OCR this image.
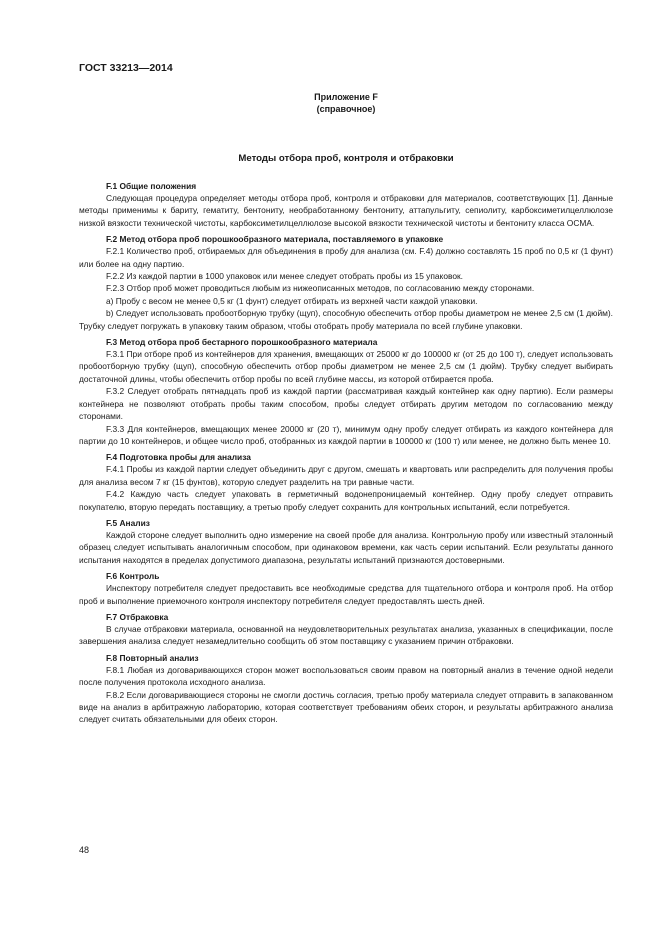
ГОСТ 33213—2014
Приложение F
(справочное)
Методы отбора проб, контроля и отбраковки

F.1 Общие положения

Следующая процедура определяет методы отбора проб, контроля и отбраковки для материалов, соответствующих [1]. Данные методы применимы к бариту, гематиту, бентониту, необработанному бентониту, аттапульгиту, сепиолиту, карбоксиметилцеллюлозе низкой вязкости технической чистоты, карбоксиметилцеллюлозе высокой вязкости технической чистоты и бентониту класса OCMA.

F.2 Метод отбора проб порошкообразного материала, поставляемого в упаковке

F.2.1 Количество проб, отбираемых для объединения в пробу для анализа (см. F.4) должно составлять 15 проб по 0,5 кг (1 фунт) или более на одну партию.

F.2.2 Из каждой партии в 1000 упаковок или менее следует отобрать пробы из 15 упаковок.

F.2.3 Отбор проб может проводиться любым из нижеописанных методов, по согласованию между сторонами.

a) Пробу с весом не менее 0,5 кг (1 фунт) следует отбирать из верхней части каждой упаковки.

b) Следует использовать пробоотборную трубку (щуп), способную обеспечить отбор пробы диаметром не менее 2,5 см (1 дюйм). Трубку следует погружать в упаковку таким образом, чтобы отобрать пробу материала по всей глубине упаковки.

F.3 Метод отбора проб бестарного порошкообразного материала

F.3.1 При отборе проб из контейнеров для хранения, вмещающих от 25000 кг до 100000 кг (от 25 до 100 т), следует использовать пробоотборную трубку (щуп), способную обеспечить отбор пробы диаметром не менее 2,5 см (1 дюйм). Трубку следует выбирать достаточной длины, чтобы обеспечить отбор пробы по всей глубине массы, из которой отбирается проба.

F.3.2 Следует отобрать пятнадцать проб из каждой партии (рассматривая каждый контейнер как одну партию). Если размеры контейнера не позволяют отобрать пробы таким способом, пробы следует отбирать другим методом по согласованию между сторонами.

F.3.3 Для контейнеров, вмещающих менее 20000 кг (20 т), минимум одну пробу следует отбирать из каждого контейнера для партии до 10 контейнеров, и общее число проб, отобранных из каждой партии в 100000 кг (100 т) или менее, не должно быть менее 10.

F.4 Подготовка пробы для анализа

F.4.1 Пробы из каждой партии следует объединить друг с другом, смешать и квартовать или распределить для получения пробы для анализа весом 7 кг (15 фунтов), которую следует разделить на три равные части.

F.4.2 Каждую часть следует упаковать в герметичный водонепроницаемый контейнер. Одну пробу следует отправить покупателю, вторую передать поставщику, а третью пробу следует сохранить для контрольных испытаний, если потребуется.

F.5 Анализ

Каждой стороне следует выполнить одно измерение на своей пробе для анализа. Контрольную пробу или известный эталонный образец следует испытывать аналогичным способом, при одинаковом времени, как часть серии испытаний. Если результаты данного испытания находятся в пределах допустимого диапазона, результаты испытаний признаются достоверными.

F.6 Контроль

Инспектору потребителя следует предоставить все необходимые средства для тщательного отбора и контроля проб. На отбор проб и выполнение приемочного контроля инспектору потребителя следует предоставлять шесть дней.

F.7 Отбраковка

В случае отбраковки материала, основанной на неудовлетворительных результатах анализа, указанных в спецификации, после завершения анализа следует незамедлительно сообщить об этом поставщику с указанием причин отбраковки.

F.8 Повторный анализ

F.8.1 Любая из договаривающихся сторон может воспользоваться своим правом на повторный анализ в течение одной недели после получения протокола исходного анализа.

F.8.2 Если договаривающиеся стороны не смогли достичь согласия, третью пробу материала следует отправить в запакованном виде на анализ в арбитражную лабораторию, которая соответствует требованиям обеих сторон, и результаты арбитражного анализа следует считать обязательными для обеих сторон.

48
